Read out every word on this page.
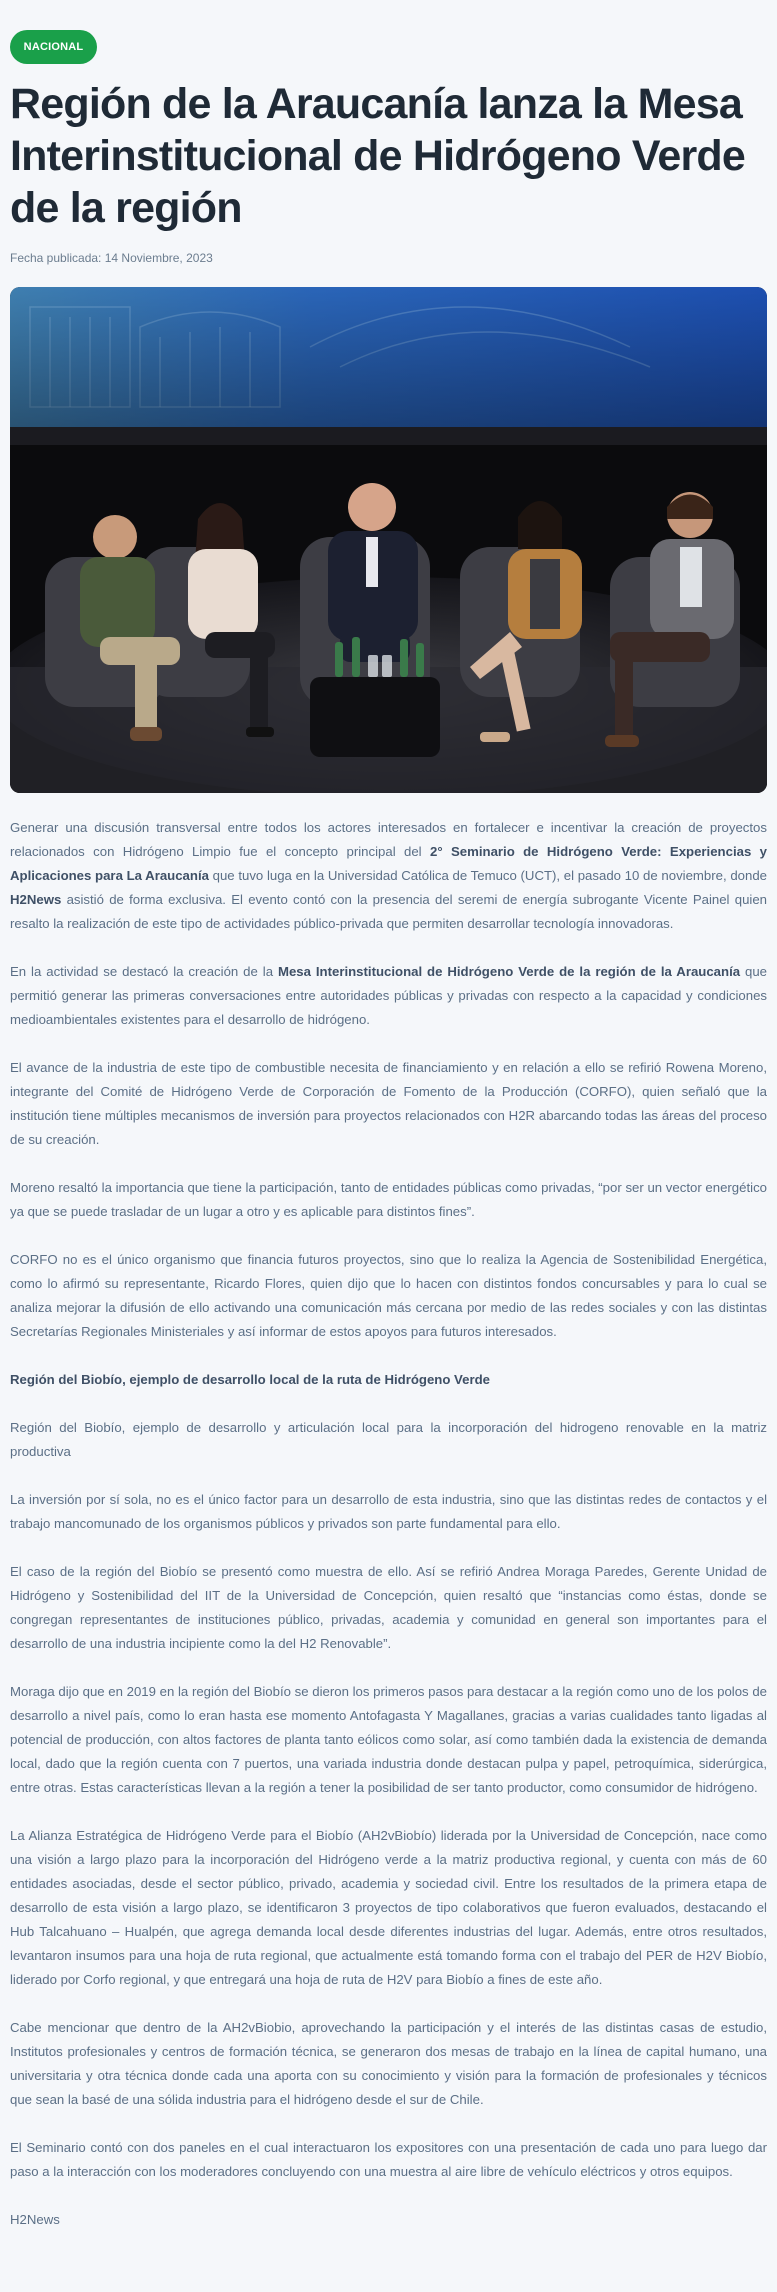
NACIONAL
Región de la Araucanía lanza la Mesa Interinstitucional de Hidrógeno Verde de la región
Fecha publicada: 14 Noviembre, 2023

Generar una discusión transversal entre todos los actores interesados en fortalecer e incentivar la creación de proyectos relacionados con Hidrógeno Limpio fue el concepto principal del 2° Seminario de Hidrógeno Verde: Experiencias y Aplicaciones para La Araucanía que tuvo luga en la Universidad Católica de Temuco (UCT), el pasado 10 de noviembre, donde H2News asistió de forma exclusiva. El evento contó con la presencia del seremi de energía subrogante Vicente Painel quien resalto la realización de este tipo de actividades público-privada que permiten desarrollar tecnología innovadoras.

En la actividad se destacó la creación de la Mesa Interinstitucional de Hidrógeno Verde de la región de la Araucanía que permitió generar las primeras conversaciones entre autoridades públicas y privadas con respecto a la capacidad y condiciones medioambientales existentes para el desarrollo de hidrógeno.

El avance de la industria de este tipo de combustible necesita de financiamiento y en relación a ello se refirió Rowena Moreno, integrante del Comité de Hidrógeno Verde de Corporación de Fomento de la Producción (CORFO), quien señaló que la institución tiene múltiples mecanismos de inversión para proyectos relacionados con H2R abarcando todas las áreas del proceso de su creación.

Moreno resaltó la importancia que tiene la participación, tanto de entidades públicas como privadas, “por ser un vector energético ya que se puede trasladar de un lugar a otro y es aplicable para distintos fines”.

CORFO no es el único organismo que financia futuros proyectos, sino que lo realiza la Agencia de Sostenibilidad Energética, como lo afirmó su representante, Ricardo Flores, quien dijo que lo hacen con distintos fondos concursables y para lo cual se analiza mejorar la difusión de ello activando una comunicación más cercana por medio de las redes sociales y con las distintas Secretarías Regionales Ministeriales y así informar de estos apoyos para futuros interesados.

Región del Biobío, ejemplo de desarrollo local de la ruta de Hidrógeno Verde

Región del Biobío, ejemplo de desarrollo y articulación local para la incorporación del hidrogeno renovable en la matriz productiva

La inversión por sí sola, no es el único factor para un desarrollo de esta industria, sino que las distintas redes de contactos y el trabajo mancomunado de los organismos públicos y privados son parte fundamental para ello.

El caso de la región del Biobío se presentó como muestra de ello. Así se refirió Andrea Moraga Paredes, Gerente Unidad de Hidrógeno y Sostenibilidad del IIT de la Universidad de Concepción, quien resaltó que “instancias como éstas, donde se congregan representantes de instituciones público, privadas, academia y comunidad en general son importantes para el desarrollo de una industria incipiente como la del H2 Renovable”.

Moraga dijo que en 2019 en la región del Biobío se dieron los primeros pasos para destacar a la región como uno de los polos de desarrollo a nivel país, como lo eran hasta ese momento Antofagasta Y Magallanes, gracias a varias cualidades tanto ligadas al potencial de producción, con altos factores de planta tanto eólicos como solar, así como también dada la existencia de demanda local, dado que la región cuenta con 7 puertos, una variada industria donde destacan pulpa y papel, petroquímica, siderúrgica, entre otras. Estas características llevan a la región a tener la posibilidad de ser tanto productor, como consumidor de hidrógeno.

La Alianza Estratégica de Hidrógeno Verde para el Biobío (AH2vBiobío) liderada por la Universidad de Concepción, nace como una visión a largo plazo para la incorporación del Hidrógeno verde a la matriz productiva regional, y cuenta con más de 60 entidades asociadas, desde el sector público, privado, academia y sociedad civil. Entre los resultados de la primera etapa de desarrollo de esta visión a largo plazo, se identificaron 3 proyectos de tipo colaborativos que fueron evaluados, destacando el Hub Talcahuano – Hualpén, que agrega demanda local desde diferentes industrias del lugar. Además, entre otros resultados, levantaron insumos para una hoja de ruta regional, que actualmente está tomando forma con el trabajo del PER de H2V Biobío, liderado por Corfo regional, y que entregará una hoja de ruta de H2V para Biobío a fines de este año.

Cabe mencionar que dentro de la AH2vBiobio, aprovechando la participación y el interés de las distintas casas de estudio, Institutos profesionales y centros de formación técnica, se generaron dos mesas de trabajo en la línea de capital humano, una universitaria y otra técnica donde cada una aporta con su conocimiento y visión para la formación de profesionales y técnicos que sean la basé de una sólida industria para el hidrógeno desde el sur de Chile.

El Seminario contó con dos paneles en el cual interactuaron los expositores con una presentación de cada uno para luego dar paso a la interacción con los moderadores concluyendo con una muestra al aire libre de vehículo eléctricos y otros equipos.

H2News
